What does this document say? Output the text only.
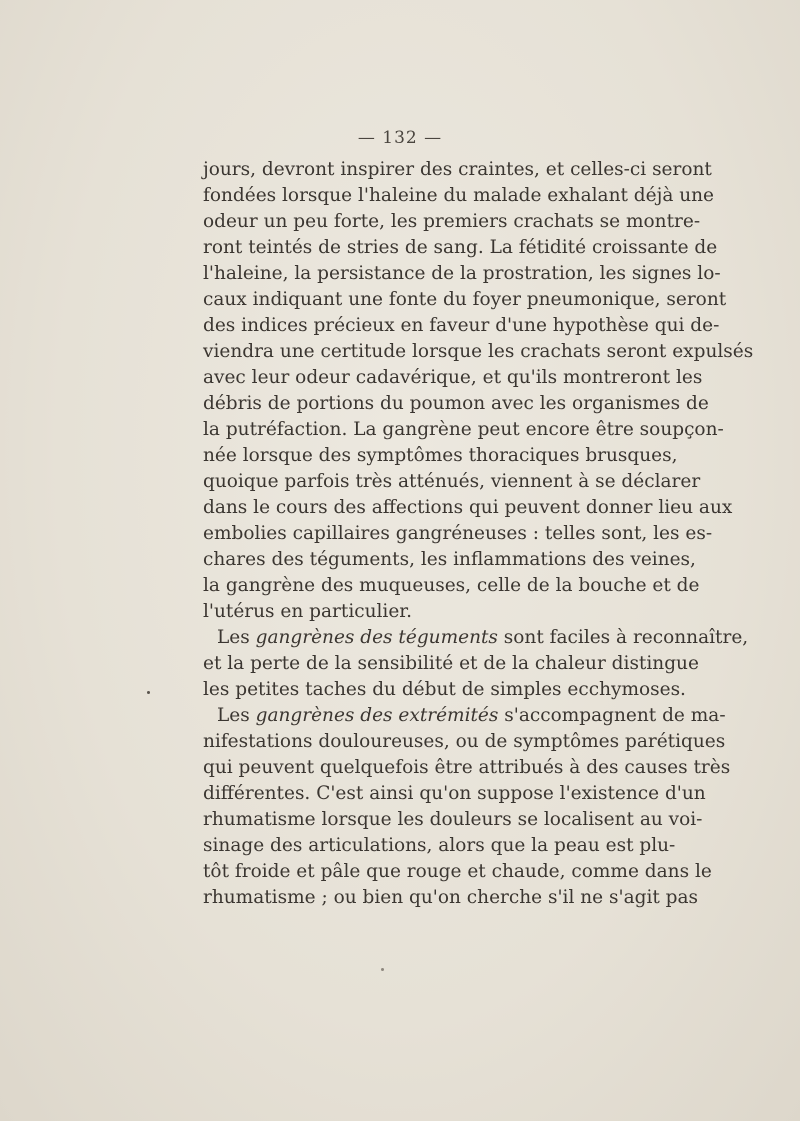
— 132 —
jours, devront inspirer des craintes, et celles-ci seront
fondées lorsque l'haleine du malade exhalant déjà une
odeur un peu forte, les premiers crachats se montre-
ront teintés de stries de sang. La fétidité croissante de
l'haleine, la persistance de la prostration, les signes lo-
caux indiquant une fonte du foyer pneumonique, seront
des indices précieux en faveur d'une hypothèse qui de-
viendra une certitude lorsque les crachats seront expulsés
avec leur odeur cadavérique, et qu'ils montreront les
débris de portions du poumon avec les organismes de
la putréfaction. La gangrène peut encore être soupçon-
née lorsque des symptômes thoraciques brusques,
quoique parfois très atténués, viennent à se déclarer
dans le cours des affections qui peuvent donner lieu aux
embolies capillaires gangréneuses : telles sont, les es-
chares des téguments, les inflammations des veines,
la gangrène des muqueuses, celle de la bouche et de
l'utérus en particulier.
Les gangrènes des téguments sont faciles à reconnaître,
et la perte de la sensibilité et de la chaleur distingue
les petites taches du début de simples ecchymoses.
Les gangrènes des extrémités s'accompagnent de ma-
nifestations douloureuses, ou de symptômes parétiques
qui peuvent quelquefois être attribués à des causes très
différentes. C'est ainsi qu'on suppose l'existence d'un
rhumatisme lorsque les douleurs se localisent au voi-
sinage des articulations, alors que la peau est plu-
tôt froide et pâle que rouge et chaude, comme dans le
rhumatisme ; ou bien qu'on cherche s'il ne s'agit pas
